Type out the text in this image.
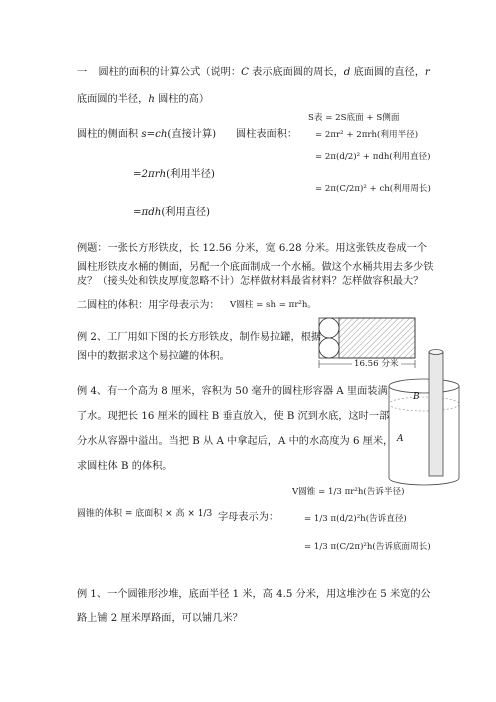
一 圆柱的面积的计算公式（说明：C 表示底面圆的周长，d 底面圆的直径，r
底面圆的半径，h 圆柱的高）
S表 = 2S底面 + S侧面
圆柱的侧面积 s=ch(直接计算) 圆柱表面积： = 2πr² + 2πrh(利用半径)
= 2π(d/2)² + πdh(利用直径)
=2πrh(利用半径)
= 2π(C/2π)² + ch(利用周长)
=πdh(利用直径)
例题：一张长方形铁皮，长 12.56 分米，宽 6.28 分米。用这张铁皮卷成一个
圆柱形铁皮水桶的侧面，另配一个底面制成一个水桶。做这个水桶共用去多少铁
皮？（接头处和铁皮厚度忽略不计）怎样做材料最省材料？怎样做容积最大？
二圆柱的体积：用字母表示为： V圆柱 = sh = πr²h。
例 2、工厂用如下图的长方形铁皮，制作易拉罐，根据
图中的数据求这个易拉罐的体积。
16.56 分米
例 4、有一个高为 8 厘米，容积为 50 毫升的圆柱形容器 A 里面装满
了水。现把长 16 厘米的圆柱 B 垂直放入，使 B 沉到水底，这时一部
分水从容器中溢出。当把 B 从 A 中拿起后，A 中的水高度为 6 厘米，
求圆柱体 B 的体积。
B
A
V圆锥 = 1/3 πr²h(告诉半径)
圆锥的体积 = 底面积 × 高 × 1/3 字母表示为：	= 1/3 π(d/2)²h(告诉直径)
= 1/3 π(C/2π)²h(告诉底面周长)
例 1、一个圆锥形沙堆，底面半径 1 米，高 4.5 分米，用这堆沙在 5 米宽的公
路上铺 2 厘米厚路面，可以铺几米？
